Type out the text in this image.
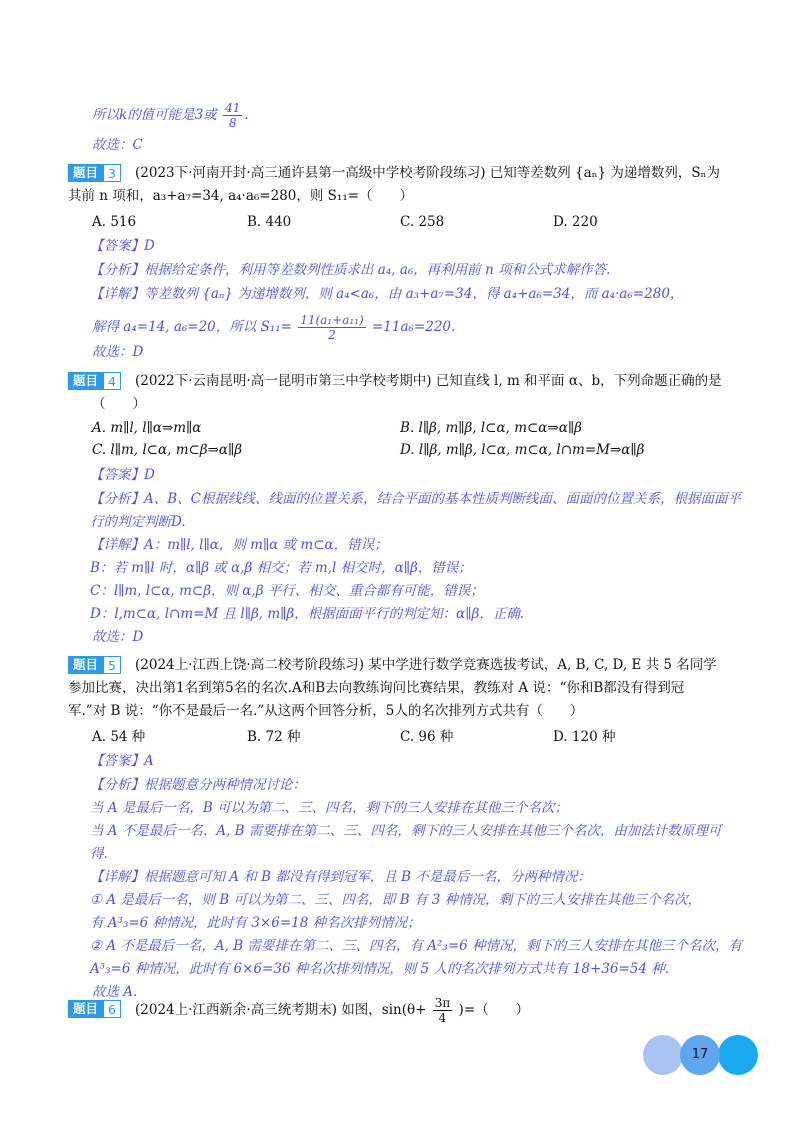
所以k的值可能是3或 $\frac{41}{8}$ .
故选：C
题目 3	(2023下·河南开封·高三通许县第一高级中学校考阶段练习) 已知等差数列 {aₙ} 为递增数列，Sₙ为
其前 n 项和，a₃+a₇=34, a₄·a₆=280，则 S₁₁=（　　）
A. 516	B. 440	C. 258	D. 220
【答案】D
【分析】根据给定条件，利用等差数列性质求出 a₄, a₆，再利用前 n 项和公式求解作答.
【详解】等差数列 {aₙ} 为递增数列，则 a₄<a₆，由 a₃+a₇=34，得 a₄+a₆=34，而 a₄·a₆=280，
解得 a₄=14, a₆=20，所以 $S_{11}= \frac{\text{11(a₁+a₁₁)}}{2} =11a_6=220$.
故选：D
题目 4	(2022下·云南昆明·高一昆明市第三中学校考期中) 已知直线 l, m 和平面 α、b，下列命题正确的是
（　　）
A. m∥l, l∥α⇒m∥α	B. l∥β, m∥β, l⊂α, m⊂α⇒α∥β
C. l∥m, l⊂α, m⊂β⇒α∥β	D. l∥β, m∥β, l⊂α, m⊂α, l∩m=M⇒α∥β
【答案】D
【分析】A、B、C根据线线、线面的位置关系，结合平面的基本性质判断线面、面面的位置关系，根据面面平
行的判定判断D.
【详解】A：m∥l, l∥α，则 m∥α 或 m⊂α，错误；
B：若 m∥l 时，α∥β 或 α,β 相交；若 m,l 相交时，α∥β，错误；
C：l∥m, l⊂α, m⊂β，则 α,β 平行、相交、重合都有可能，错误；
D：l,m⊂α, l∩m=M 且 l∥β, m∥β，根据面面平行的判定知：α∥β，正确.
故选：D
题目 5	(2024上·江西上饶·高二校考阶段练习) 某中学进行数学竞赛选拔考试，A, B, C, D, E 共 5 名同学
参加比赛，决出第1名到第5名的名次.A和B去向教练询问比赛结果，教练对 A 说：“你和B都没有得到冠
军.”对 B 说：“你不是最后一名.”从这两个回答分析，5人的名次排列方式共有（　　）
A. 54 种	B. 72 种	C. 96 种	D. 120 种
【答案】A
【分析】根据题意分两种情况讨论：
当 A 是最后一名，B 可以为第二、三、四名，剩下的三人安排在其他三个名次；
当 A 不是最后一名，A, B 需要排在第二、三、四名，剩下的三人安排在其他三个名次，由加法计数原理可
得.
【详解】根据题意可知 A 和 B 都没有得到冠军，且 B 不是最后一名，分两种情况：
① A 是最后一名，则 B 可以为第二、三、四名，即 B 有 3 种情况，剩下的三人安排在其他三个名次，
有 A³₃=6 种情况，此时有 3×6=18 种名次排列情况；
② A 不是最后一名，A, B 需要排在第二、三、四名，有 A²₃=6 种情况，剩下的三人安排在其他三个名次，有
A³₃=6 种情况，此时有 6×6=36 种名次排列情况，则 5 人的名次排列方式共有 18+36=54 种.
故选 A.
题目 6	(2024上·江西新余·高三统考期末) 如图，$\sin(\theta+ \frac{3\pi}{4}$ )=（　　）
17
